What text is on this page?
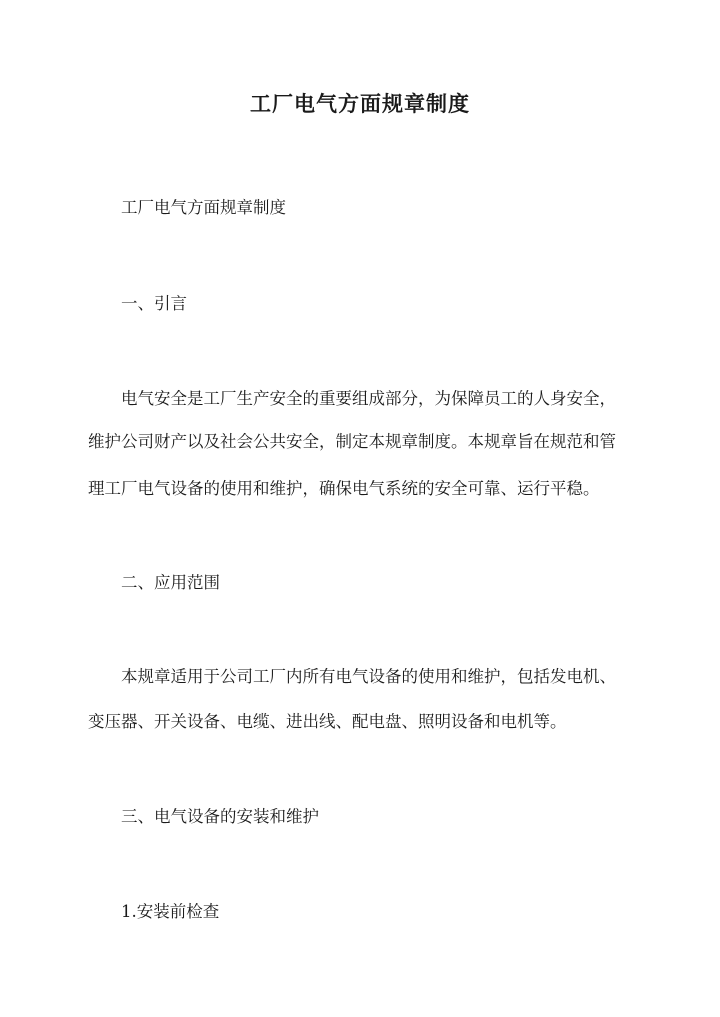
工厂电气方面规章制度

工厂电气方面规章制度

一、引言

电气安全是工厂生产安全的重要组成部分，为保障员工的人身安全，

维护公司财产以及社会公共安全，制定本规章制度。本规章旨在规范和管

理工厂电气设备的使用和维护，确保电气系统的安全可靠、运行平稳。

二、应用范围

本规章适用于公司工厂内所有电气设备的使用和维护，包括发电机、

变压器、开关设备、电缆、进出线、配电盘、照明设备和电机等。

三、电气设备的安装和维护

1.安装前检查
